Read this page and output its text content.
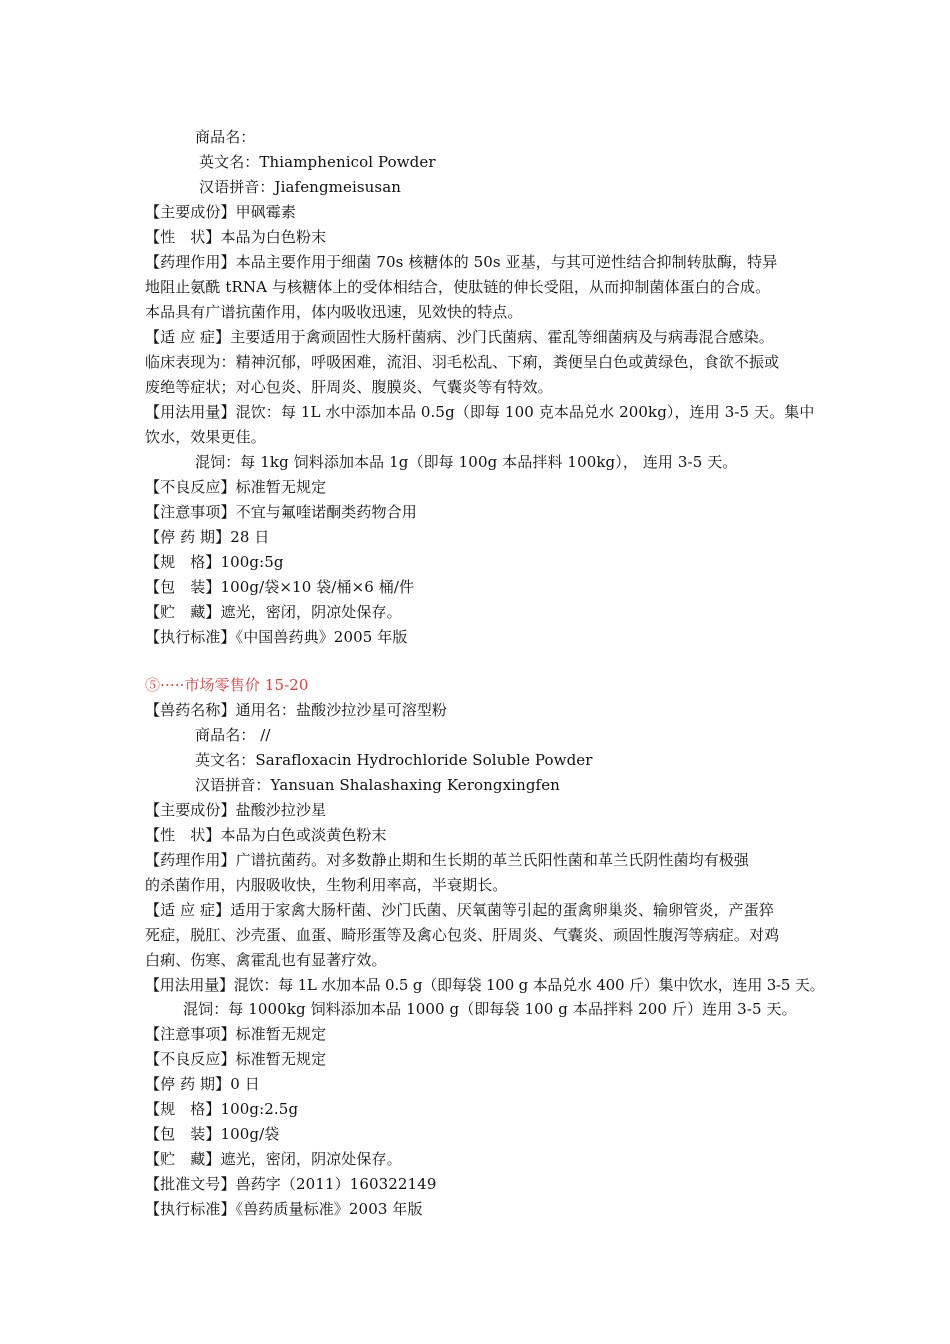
商品名：
英文名：Thiamphenicol Powder
汉语拼音：Jiafengmeisusan
【主要成份】甲砜霉素
【性　状】本品为白色粉末
【药理作用】本品主要作用于细菌 70s 核糖体的 50s 亚基，与其可逆性结合抑制转肽酶，特异
地阻止氨酰 tRNA 与核糖体上的受体相结合，使肽链的伸长受阻，从而抑制菌体蛋白的合成。
本品具有广谱抗菌作用，体内吸收迅速，见效快的特点。
【适 应 症】主要适用于禽顽固性大肠杆菌病、沙门氏菌病、霍乱等细菌病及与病毒混合感染。
临床表现为：精神沉郁，呼吸困难，流泪、羽毛松乱、下痢，粪便呈白色或黄绿色，食欲不振或
废绝等症状；对心包炎、肝周炎、腹膜炎、气囊炎等有特效。
【用法用量】混饮：每 1L 水中添加本品 0.5g（即每 100 克本品兑水 200kg），连用 3-5 天。集中
饮水，效果更佳。
混饲：每 1kg 饲料添加本品 1g（即每 100g 本品拌料 100kg）， 连用 3-5 天。
【不良反应】标准暂无规定
【注意事项】不宜与氟喹诺酮类药物合用
【停 药 期】28 日
【规　格】100g:5g
【包　装】100g/袋×10 袋/桶×6 桶/件
【贮　藏】遮光，密闭，阴凉处保存。
【执行标准】《中国兽药典》2005 年版
⑤·····市场零售价 15-20
【兽药名称】通用名：盐酸沙拉沙星可溶型粉
商品名： //
英文名：Sarafloxacin Hydrochloride Soluble Powder
汉语拼音：Yansuan Shalashaxing Kerongxingfen
【主要成份】盐酸沙拉沙星
【性　状】本品为白色或淡黄色粉末
【药理作用】广谱抗菌药。对多数静止期和生长期的革兰氏阳性菌和革兰氏阴性菌均有极强
的杀菌作用，内服吸收快，生物利用率高，半衰期长。
【适 应 症】适用于家禽大肠杆菌、沙门氏菌、厌氧菌等引起的蛋禽卵巢炎、输卵管炎，产蛋猝
死症，脱肛、沙壳蛋、血蛋、畸形蛋等及禽心包炎、肝周炎、气囊炎、顽固性腹泻等病症。对鸡
白痢、伤寒、禽霍乱也有显著疗效。
【用法用量】混饮：每 1L 水加本品 0.5 g（即每袋 100 g 本品兑水 400 斤）集中饮水，连用 3-5 天。
混饲：每 1000kg 饲料添加本品 1000 g（即每袋 100 g 本品拌料 200 斤）连用 3-5 天。
【注意事项】标准暂无规定
【不良反应】标准暂无规定
【停 药 期】0 日
【规　格】100g:2.5g
【包　装】100g/袋
【贮　藏】遮光，密闭，阴凉处保存。
【批准文号】兽药字（2011）160322149
【执行标准】《兽药质量标准》2003 年版
